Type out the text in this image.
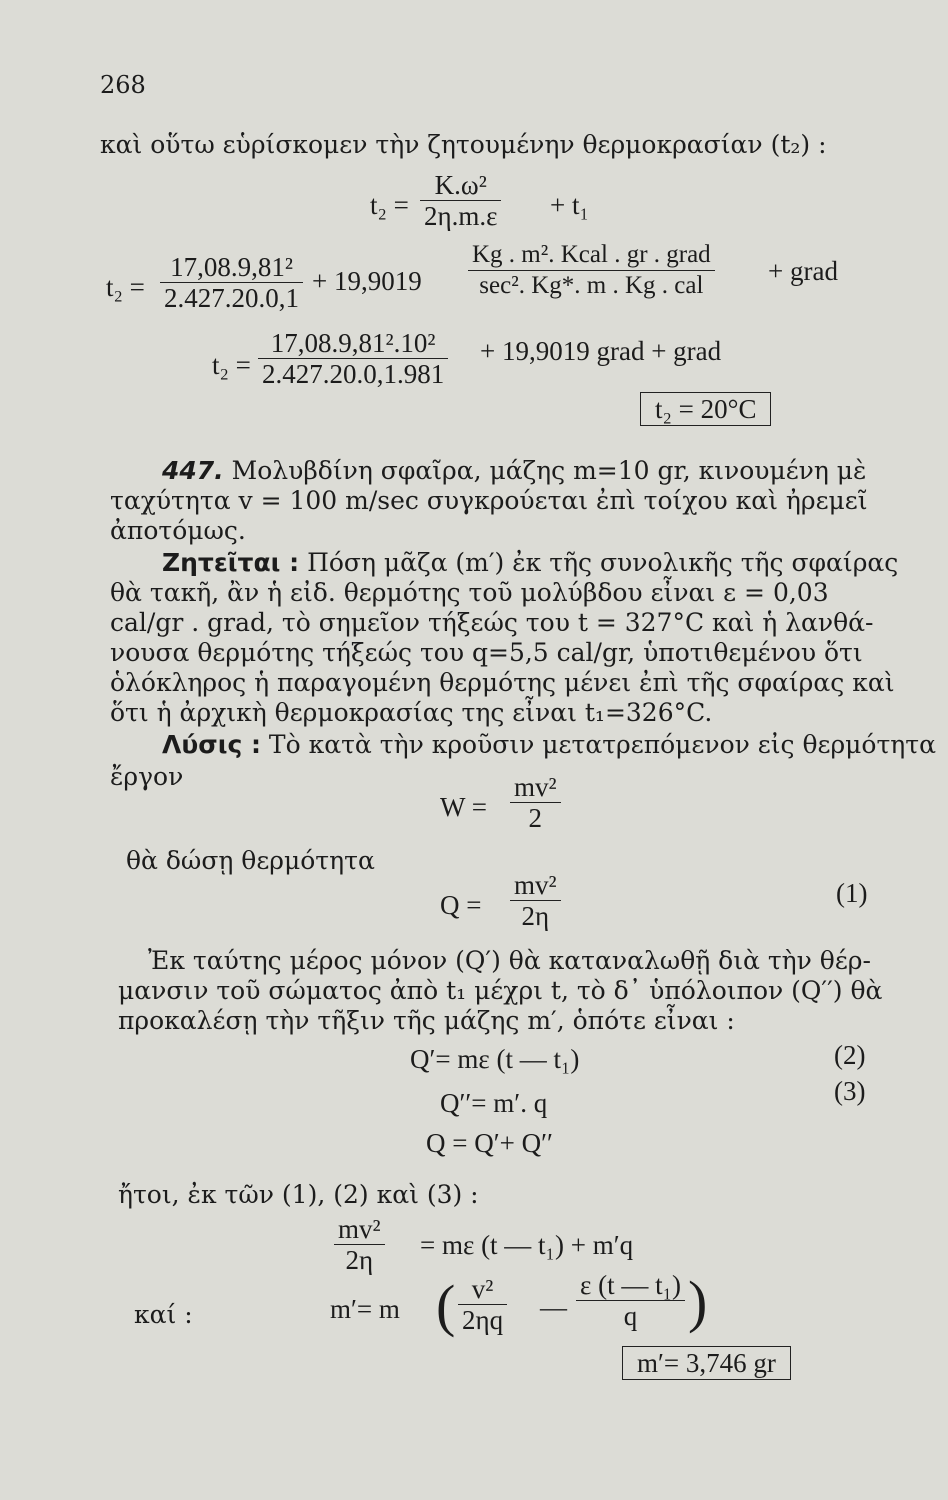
268
καὶ οὕτω εὑρίσκομεν τὴν ζητουμένην θερμοκρασίαν (t₂) :
$t_2 = \frac{\text{K.ω²}}{2\eta.m.\varepsilon} + t_1$
$t_2 = \frac{\text{17,08.9,81²}}{2.427.20.0,1} + 19,9019$
Kg . m². Kcal . gr . grad
sec². Kg*. m . Kg . cal	+ grad
$t_2 = \frac{\text{17,08.9,81².10²}}{2.427.20.0,1.981} + 19,9019$ grad + grad
t₂ = 20°C
447. Μολυβδίνη σφαῖρα, μάζης m=10 gr, κινουμένη μὲ
ταχύτητα v = 100 m/sec συγκρούεται ἐπὶ τοίχου καὶ ἠρεμεῖ
ἀποτόμως.
Ζητεῖται : Πόση μᾶζα (m′) ἐκ τῆς συνολικῆς τῆς σφαίρας
θὰ τακῆ, ἂν ἡ εἰδ. θερμότης τοῦ μολύβδου εἶναι ε = 0,03
cal/gr . grad, τὸ σημεῖον τήξεώς του t = 327°C καὶ ἡ λανθά-
νουσα θερμότης τήξεώς του q=5,5 cal/gr, ὑποτιθεμένου ὅτι
ὁλόκληρος ἡ παραγομένη θερμότης μένει ἐπὶ τῆς σφαίρας καὶ
ὅτι ἡ ἀρχικὴ θερμοκρασίας της εἶναι t₁=326°C.
Λύσις : Τὸ κατὰ τὴν κροῦσιν μετατρεπόμενον εἰς θερμότητα
ἔργον
$W = \frac{\text{mv²}}{2}$
θὰ δώσῃ θερμότητα
$Q = \frac{\text{mv²}}{2\eta}$	(1)
Ἐκ ταύτης μέρος μόνον (Q′) θὰ καταναλωθῇ διὰ τὴν θέρ-
μανσιν τοῦ σώματος ἀπὸ t₁ μέχρι t, τὸ δ᾿ ὑπόλοιπον (Q′′) θὰ
προκαλέσῃ τὴν τῆξιν τῆς μάζης m′, ὁπότε εἶναι :
Q′= mε (t — t₁)	(2)
Q′′= m′. q	(3)
Q = Q′+ Q′′
ἤτοι, ἐκ τῶν (1), (2) καὶ (3) :
$\frac{\text{mv²}}{2\eta} = m\varepsilon$ (t — t₁) + m′q
καί :	m′= m ( $\frac{\text{v²}}{2\eta q}$ — $\frac{\text{ε (t — t₁)}}{q}$ )
m′= 3,746 gr
